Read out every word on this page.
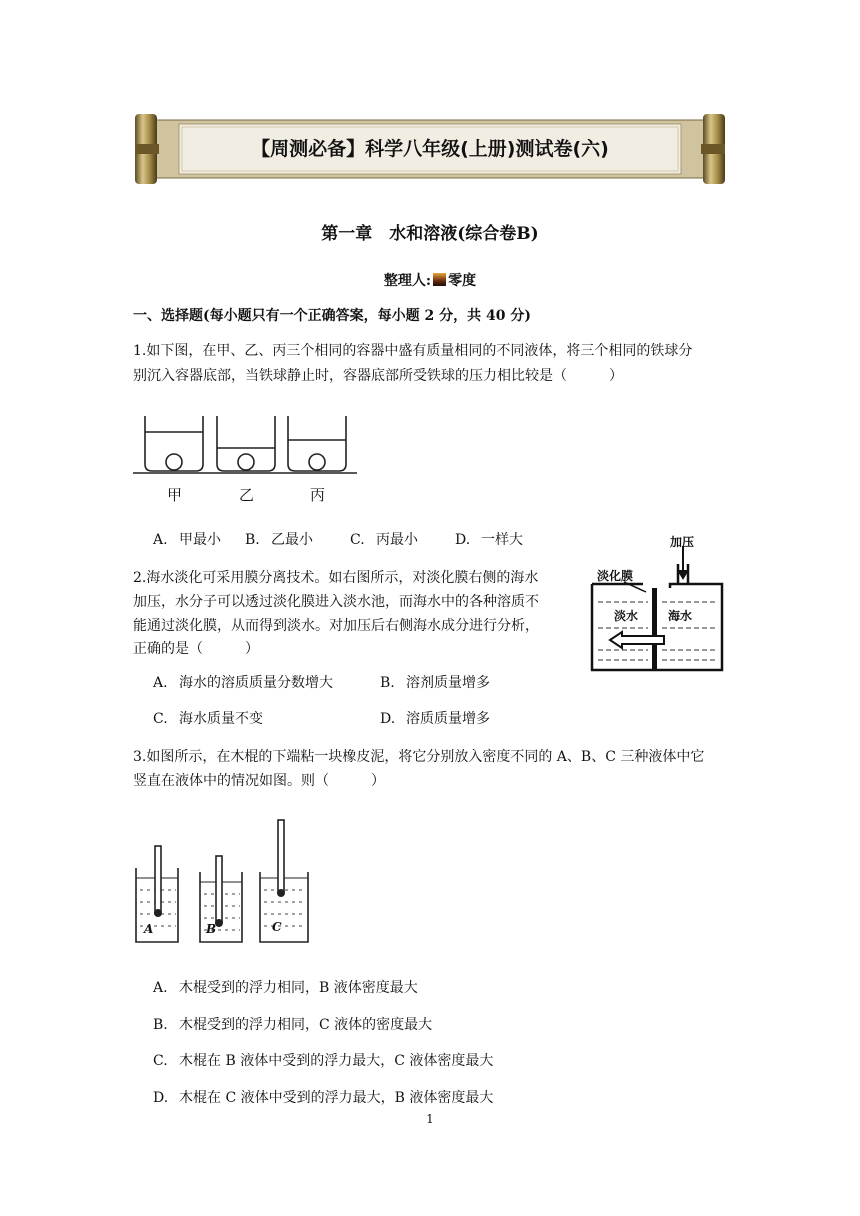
【周测必备】科学八年级(上册)测试卷(六)
第一章　水和溶液(综合卷B)
整理人: 零度
一、选择题(每小题只有一个正确答案，每小题 2 分，共 40 分)
1.如下图，在甲、乙、丙三个相同的容器中盛有质量相同的不同液体，将三个相同的铁球分
别沉入容器底部，当铁球静止时，容器底部所受铁球的压力相比较是（　　　）
甲	乙	丙
A. 甲最小 B. 乙最小	C. 丙最小	D. 一样大
2.海水淡化可采用膜分离技术。如右图所示，对淡化膜右侧的海水
加压，水分子可以透过淡化膜进入淡水池，而海水中的各种溶质不
能通过淡化膜，从而得到淡水。对加压后右侧海水成分进行分析，
正确的是（　　　）
加压
淡化膜
淡水 海水
A. 海水的溶质质量分数增大	B. 溶剂质量增多
C. 海水质量不变	D. 溶质质量增多
3.如图所示，在木棍的下端粘一块橡皮泥，将它分别放入密度不同的 A、B、C 三种液体中它
竖直在液体中的情况如图。则（　　　）
A	B	C
A. 木棍受到的浮力相同，B 液体密度最大
B. 木棍受到的浮力相同，C 液体的密度最大
C. 木棍在 B 液体中受到的浮力最大，C 液体密度最大
D. 木棍在 C 液体中受到的浮力最大，B 液体密度最大
1
